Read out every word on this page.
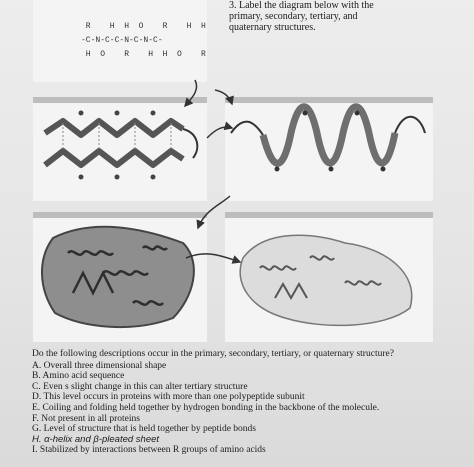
R    H  H  O    R    H  H
-C-N-C-C-N-C-N-C-
H  O    R    H  H  O    R
3. Label the diagram below with the primary, secondary, tertiary, and quaternary structures.
Do the following descriptions occur in the primary, secondary, tertiary, or quaternary structure?
A. Overall three dimensional shape
B. Amino acid sequence
C. Even s slight change in this can alter tertiary structure
D. This level occurs in proteins with more than one polypeptide subunit
E. Coiling and folding held together by hydrogen bonding in the backbone of the molecule.
F. Not present in all proteins
G. Level of structure that is held together by peptide bonds
H. α-helix and β-pleated sheet
I. Stabilized by interactions between R groups of amino acids
